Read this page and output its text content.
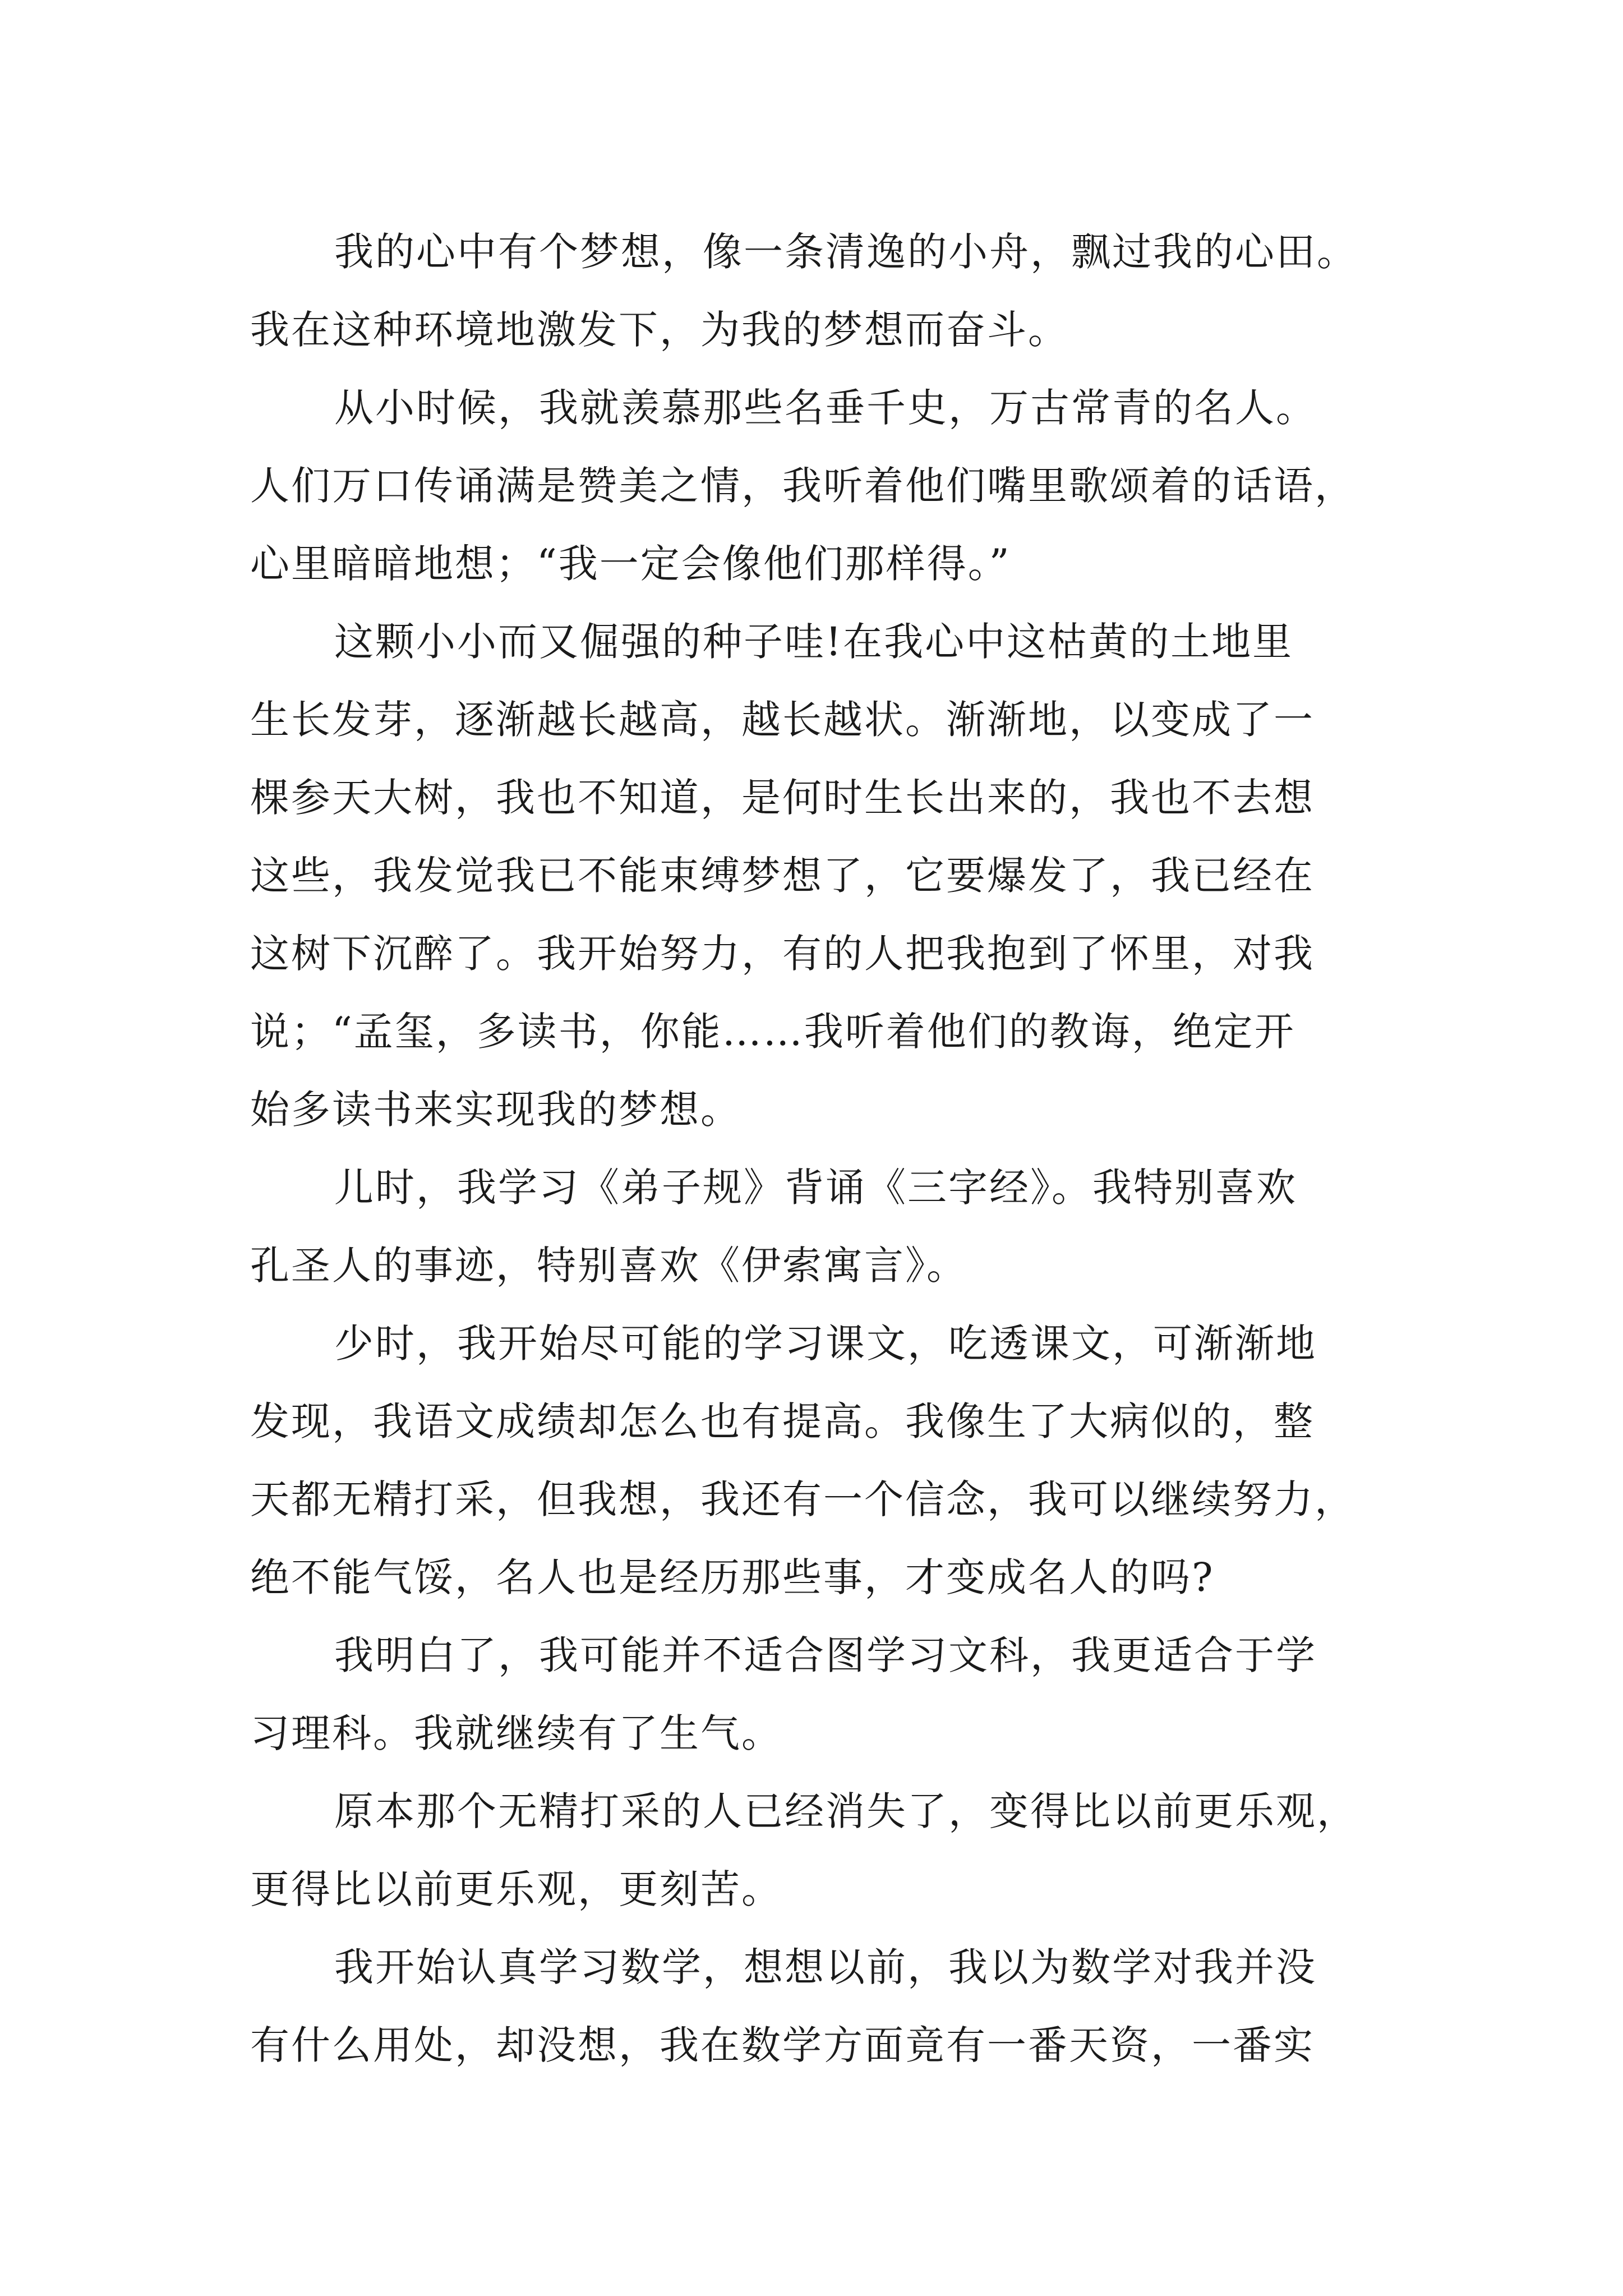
我的心中有个梦想，像一条清逸的小舟，飘过我的心田。
我在这种环境地激发下，为我的梦想而奋斗。

从小时候，我就羡慕那些名垂千史，万古常青的名人。
人们万口传诵满是赞美之情，我听着他们嘴里歌颂着的话语，
心里暗暗地想；“我一定会像他们那样得。”

这颗小小而又倔强的种子哇!在我心中这枯黄的土地里
生长发芽，逐渐越长越高，越长越状。渐渐地，以变成了一
棵参天大树，我也不知道，是何时生长出来的，我也不去想
这些，我发觉我已不能束缚梦想了，它要爆发了，我已经在
这树下沉醉了。我开始努力，有的人把我抱到了怀里，对我
说；“孟玺，多读书，你能……我听着他们的教诲，绝定开
始多读书来实现我的梦想。

儿时，我学习《弟子规》背诵《三字经》。我特别喜欢
孔圣人的事迹，特别喜欢《伊索寓言》。

少时，我开始尽可能的学习课文，吃透课文，可渐渐地
发现，我语文成绩却怎么也有提高。我像生了大病似的，整
天都无精打采，但我想，我还有一个信念，我可以继续努力，
绝不能气馁，名人也是经历那些事，才变成名人的吗?

我明白了，我可能并不适合图学习文科，我更适合于学
习理科。我就继续有了生气。

原本那个无精打采的人已经消失了，变得比以前更乐观，
更得比以前更乐观，更刻苦。

我开始认真学习数学，想想以前，我以为数学对我并没
有什么用处，却没想，我在数学方面竟有一番天资，一番实
